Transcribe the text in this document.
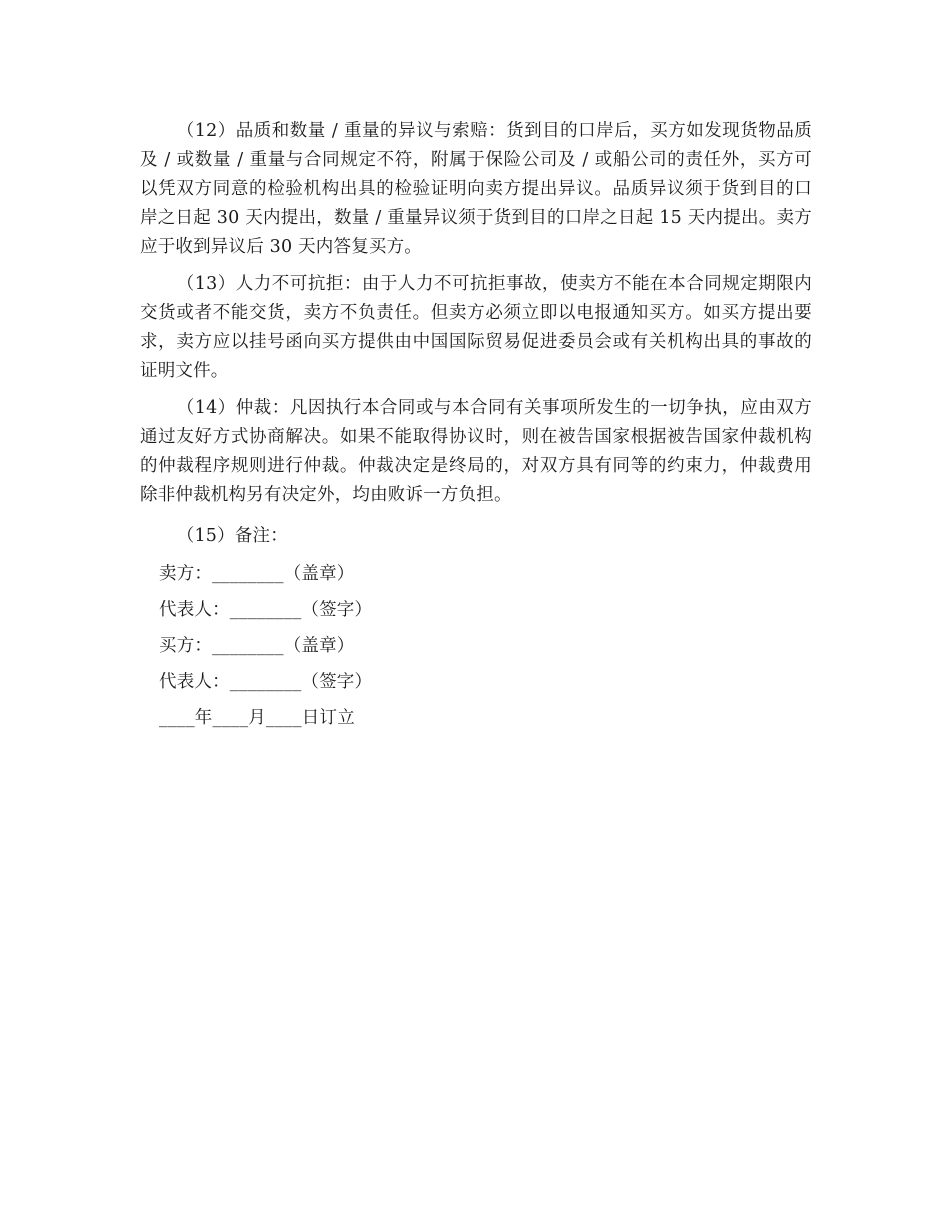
（12）品质和数量 / 重量的异议与索赔：货到目的口岸后，买方如发现货物品质及 / 或数量 / 重量与合同规定不符，附属于保险公司及 / 或船公司的责任外，买方可以凭双方同意的检验机构出具的检验证明向卖方提出异议。品质异议须于货到目的口岸之日起 30 天内提出，数量 / 重量异议须于货到目的口岸之日起 15 天内提出。卖方应于收到异议后 30 天内答复买方。

（13）人力不可抗拒：由于人力不可抗拒事故，使卖方不能在本合同规定期限内交货或者不能交货，卖方不负责任。但卖方必须立即以电报通知买方。如买方提出要求，卖方应以挂号函向买方提供由中国国际贸易促进委员会或有关机构出具的事故的证明文件。

（14）仲裁：凡因执行本合同或与本合同有关事项所发生的一切争执，应由双方通过友好方式协商解决。如果不能取得协议时，则在被告国家根据被告国家仲裁机构的仲裁程序规则进行仲裁。仲裁决定是终局的，对双方具有同等的约束力，仲裁费用除非仲裁机构另有决定外，均由败诉一方负担。

（15）备注：

卖方：________（盖章）
代表人：________（签字）
买方：________（盖章）
代表人：________（签字）
____年____月____日订立
